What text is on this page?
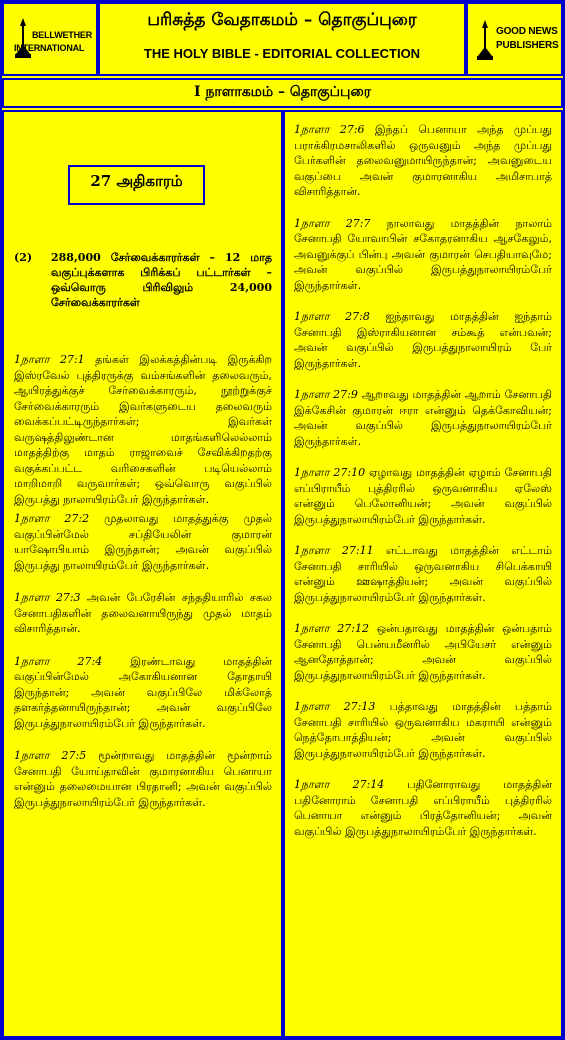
BELLWETHER
INTERNATIONAL
பரிசுத்த வேதாகமம் – தொகுப்புரை
THE HOLY BIBLE - EDITORIAL COLLECTION
GOOD NEWS
PUBLISHERS
I நாளாகமம் – தொகுப்புரை
27 அதிகாரம்
(2) 288,000 சேர்வைக்காரர்கள் – 12 மாத வகுப்புக்களாக பிரிக்கப் பட்டார்கள் – ஒவ்வொரு பிரிவிலும் 24,000 சேர்வைக்காரர்கள்

1நாளா 27:1 தங்கள் இலக்கத்தின்படி இருக்கிற இஸ்ரவேல் புத்திரருக்கு வம்சங்களின் தலைவரும், ஆயிரத்துக்குச் சேர்வைக்காரரும், நூற்றுக்குச் சேர்வைக்காரரும் இவர்களுடைய தலைவரும் வைக்கப்பட்டிருந்தார்கள்; இவர்கள் வருஷத்திலுண்டான மாதங்களிலெல்லாம் மாதத்திற்கு மாதம் ராஜாவைச் சேவிக்கிறதற்கு வகுக்கப்பட்ட வரிசைகளின் படியெல்லாம் மாறிமாறி வருவார்கள்; ஒவ்வொரு வகுப்பில் இருபத்து நாலாயிரம்பேர் இருந்தார்கள்.

1நாளா 27:2 முதலாவது மாதத்துக்கு முதல் வகுப்பின்மேல் சப்தியேலின் குமாரன் யாஷோபியாம் இருந்தான்; அவன் வகுப்பில் இருபத்து நாலாயிரம்பேர் இருந்தார்கள்.

1நாளா 27:3 அவன் பேரேசின் சந்ததியாரில் சகல சேனாபதிகளின் தலைவனாயிருந்து முதல் மாதம் விசாரித்தான்.

1நாளா 27:4	இரண்டாவது மாதத்தின் வகுப்பின்மேல் அகோகியனான தோதாயி இருந்தான்; அவன் வகுப்பிலே மிக்லோத் தளகர்த்தனாயிருந்தான்; அவன் வகுப்பிலே இருபத்துநாலாயிரம்பேர் இருந்தார்கள்.

1நாளா 27:5 மூன்றாவது மாதத்தின் மூன்றாம் சேனாபதி யோய்தாவின் குமாரனாகிய பெனாயா என்னும் தலைமையான பிரதானி; அவன் வகுப்பில் இருபத்துநாலாயிரம்பேர் இருந்தார்கள்.

1நாளா 27:6 இந்தப் பெனாயா அந்த முப்பது பராக்கிரமசாலிகளில் ஒருவனும் அந்த முப்பது பேர்களின் தலைவனுமாயிருந்தான்; அவனுடைய வகுப்பை அவன் குமாரனாகிய அமிசாபாத் விசாரித்தான்.

1நாளா 27:7 நாலாவது மாதத்தின் நாலாம் சேனாபதி யோவாபின் சகோதரனாகிய ஆசகேலும், அவனுக்குப் பின்பு அவன் குமாரன் செபதியாவுமே; அவன் வகுப்பில் இருபத்துநாலாயிரம்பேர் இருந்தார்கள்.

1நாளா 27:8 ஐந்தாவது மாதத்தின் ஐந்தாம் சேனாபதி இஸ்ராகியனான சம்கூத் என்பவன்; அவன் வகுப்பில் இருபத்துநாலாயிரம் பேர் இருந்தார்கள்.

1நாளா 27:9 ஆறாவது மாதத்தின் ஆறாம் சேனாபதி இக்கேசின் குமாரன் ஈரா என்னும் தெக்கோவியன்; அவன் வகுப்பில் இருபத்துநாலாயிரம்பேர் இருந்தார்கள்.

1நாளா 27:10 ஏழாவது மாதத்தின் ஏழாம் சேனாபதி எப்பிராயீம் புத்திரரில் ஒருவனாகிய ஏலேஸ் என்னும் பெலோனியன்; அவன் வகுப்பில் இருபத்துநாலாயிரம்பேர் இருந்தார்கள்.

1நாளா 27:11 எட்டாவது மாதத்தின் எட்டாம் சேனாபதி சாரியில் ஒருவனாகிய சிபெக்காயி என்னும் ஊஷாத்தியன்; அவன் வகுப்பில் இருபத்துநாலாயிரம்பேர் இருந்தார்கள்.

1நாளா 27:12 ஒன்பதாவது மாதத்தின் ஒன்பதாம் சேனாபதி பென்யமீனரில் அபியேசர் என்னும் ஆனதோத்தான்; அவன் வகுப்பில் இருபத்துநாலாயிரம்பேர் இருந்தார்கள்.

1நாளா 27:13 பத்தாவது மாதத்தின் பத்தாம் சேனாபதி சாரியில் ஒருவனாகிய மகராயி என்னும் நெத்தோபாத்தியன்; அவன் வகுப்பில் இருபத்துநாலாயிரம்பேர் இருந்தார்கள்.

1நாளா 27:14 பதினோராவது மாதத்தின் பதினோராம் சேனாபதி எப்பிராயீம் புத்திரரில் பெனாயா என்னும் பிரத்தோனியன்; அவன் வகுப்பில் இருபத்துநாலாயிரம்பேர் இருந்தார்கள்.
